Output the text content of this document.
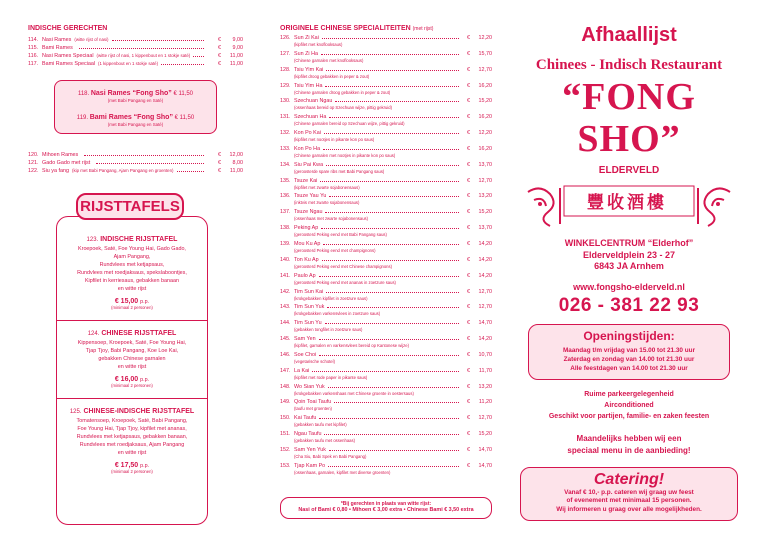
INDISCHE GERECHTEN
114. Nasi Rames (witte rijst of nasi)	€	9,00
115. Bami Rames	€	9,00
116. Nasi Rames Speciaal (witte rijst of nasi, 1 kippenbout en 1 stokje saté)	€	11,00
117. Bami Rames Speciaal (1 kippenbout en 1 stokje saté)	€	11,00
118. Nasi Rames “Fong Sho” € 11,50
(met Babi Pangang en Saté)
119. Bami Rames “Fong Sho” € 11,50
(met Babi Pangang en Saté)
120. Mihoen Rames	€	12,00
121. Gado Gado met rijst	€	8,00
122. Siu ya fang (kip met Babi Pangang, Ajam Pangang en groenten)	€	11,00
123. INDISCHE RIJSTTAFEL
Kroepoek, Saté, Foe Young Hai, Gado Gado,
Ajam Pangang,
Rundvlees met ketjapsaus,
Rundvlees met roedjaksaus, spekslaboontjes,
Kipfilet in kerriesaus, gebakken banaan
en witte rijst
€ 15,00 p.p.
(minimaal 2 personen)
124. CHINESE RIJSTTAFEL
Kippensoep, Kroepoek, Saté, Foe Young Hai,
Tjap Tjoy, Babi Pangang, Koe Loe Kai,
gebakken Chinese garnalen
en witte rijst
€ 16,00 p.p.
(minimaal 2 personen)
125. CHINESE-INDISCHE RIJSTTAFEL
Tomatensoep, Kroepoek, Saté, Babi Pangang,
Foe Young Hai, Tjap Tjoy, kipfilet met ananas,
Rundvlees met ketjapsaus, gebakken banaan,
Rundvlees met roedjaksaus, Ajam Pangang
en witte rijst
€ 17,50 p.p.
(minimaal 2 personen)
RIJSTTAFELS
ORIGINELE CHINESE SPECIALITEITEN (met rijst)
126. Sun Zi Kai	€	12,20
(kipfilet met knoflooksaus)
127. Sun Zi Ha	€	15,70
(Chinese garnalen met knoflooksaus)
128. Tsiu Yim Kai	€	12,70
(kipfilet droog gebakken in peper & zout)
129. Tsiu Yim Ha	€	16,20
(Chinese garnalen droog gebakken in peper & zout)
130. Szechuan Ngau	€	15,20
(ossenhaas bereid op Szechuan wijze, pittig gekruid)
131. Szechuan Ha	€	16,20
(Chinese garnalen bereid op Szechuan wijze, pittig gekruid)
132. Kon Po Kai	€	12,20
(kipfilet met nootjes in pikante kon po saus)
133. Kon Po Ha	€	16,20
(Chinese garnalen met nootjes in pikante kon po saus)
134. Siu Pai Kwa	€	13,70
(geroosterde spare ribs met Babi Pangang saus)
135. Tsuze Kai	€	12,70
(kipfilet met zwarte sojabonensaus)
136. Tsuze Yau Yu	€	13,20
(inktvis met zwarte sojabonensaus)
137. Tsuze Ngau	€	15,20
(ossenhaas met zwarte sojabonensaus)
138. Peking Ap	€	13,70
(geroosterd Peking eend met Babi Pangang saus)
139. Mou Ku Ap	€	14,20
(geroosterd Peking eend met champignons)
140. Ton Ku Ap	€	14,20
(geroosterd Peking eend met Chinese champignons)
141. Paulo Ap	€	14,20
(geroosterd Peking eend met ananas in zoetzure saus)
142. Tim Sun Kai	€	12,70
(krokgebakken kipfilet in zoetzure saus)
143. Tim Sun Yuk	€	12,70
(krokgebakken varkensvlees in zoetzure saus)
144. Tim Sun Yu	€	14,70
(gebakken tongfilet in zoetzure saus)
145. Sam Yen	€	14,20
(kipfilet, garnalen en varkensvlees bereid op Kantonese wijze)
146. Soe Choi	€	10,70
(vegetarische schotel)
147. La Kai	€	11,70
(kipfilet met rode paper in pikante saus)
148. Wo Sian Yuk	€	13,20
(krokgebakken varkenshaas met Chinese groente in oestersaus)
149. Qoin Toai Taufu	€	11,20
(taufu met groenten)
150. Kai Taufu	€	12,70
(gebakken taufu met kipfilet)
151. Ngau Taufu	€	15,20
(gebakken taufu met ossenhaas)
152. Sam Yen Yuk	€	14,70
(Cha Siu, Babi Spek en Babi Pangang)
153. Tjap Kam Po	€	14,70
(ossenhaas, garnalen, kipfilet met diverse groenten)
*Bij gerechten in plaats van witte rijst:
Nasi of Bami € 0,80 • Mihoen € 3,00 extra • Chinese Bami € 3,50 extra
Afhaallijst
Chinees - Indisch Restaurant
“FONG SHO”
ELDERVELD
豐收酒樓
WINKELCENTRUM “Elderhof”
Elderveldplein 23 - 27
6843 JA Arnhem
www.fongsho-elderveld.nl
026 - 381 22 93
Openingstijden:
Maandag t/m vrijdag van 15.00 tot 21.30 uur
Zaterdag en zondag van 14.00 tot 21.30 uur
Alle feestdagen van 14.00 tot 21.30 uur
Ruime parkeergelegenheid
Airconditioned
Geschikt voor partijen, familie- en zaken feesten
Maandelijks hebben wij een
speciaal menu in de aanbieding!
Catering!
Vanaf € 10,- p.p. cateren wij graag uw feest
of evenement met minimaal 15 personen.
Wij informeren u graag over alle mogelijkheden.
